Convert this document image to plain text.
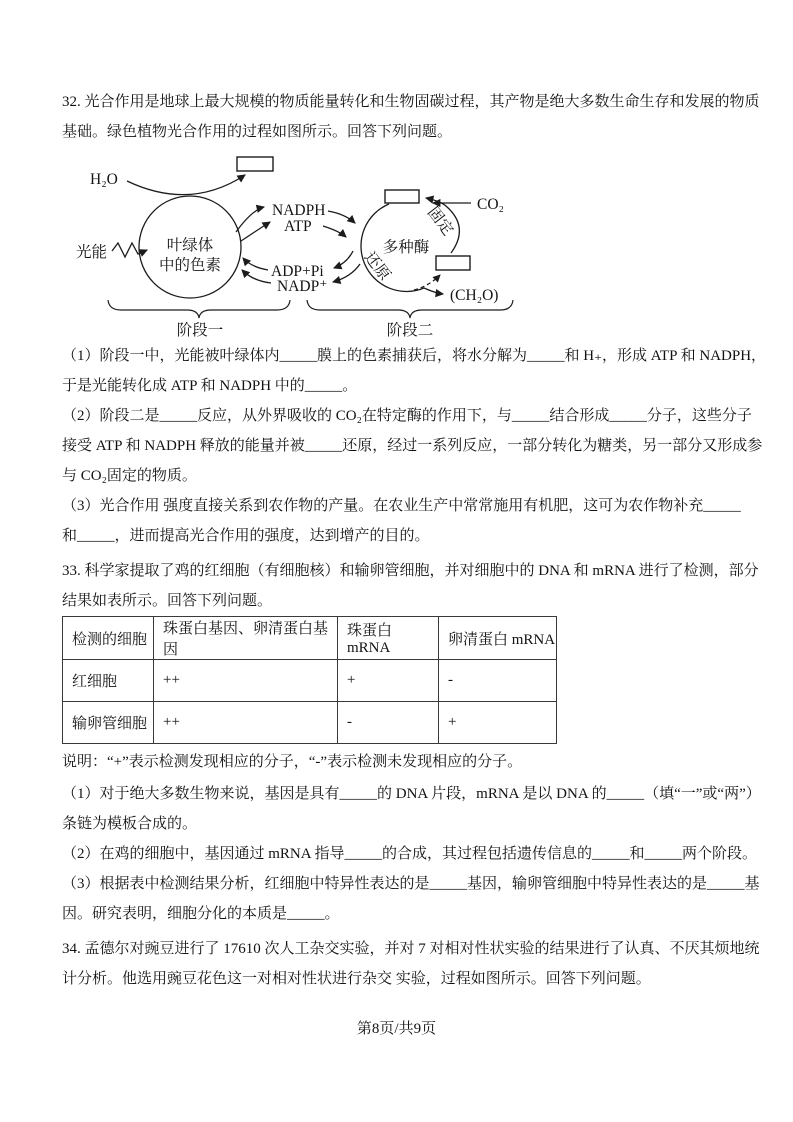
32. 光合作用是地球上最大规模的物质能量转化和生物固碳过程，其产物是绝大多数生命生存和发展的物质
基础。绿色植物光合作用的过程如图所示。回答下列问题。
H₂O
光能	叶绿体
中的色素
NADPH
ATP
ADP+Pi
NADP⁺
CO₂
(CH₂O)
多种酶
固定
还原
阶段一	阶段二
（1）阶段一中，光能被叶绿体内_____膜上的色素捕获后，将水分解为_____和 H₊，形成 ATP 和 NADPH，
于是光能转化成 ATP 和 NADPH 中的_____。
（2）阶段二是_____反应，从外界吸收的 CO₂在特定酶的作用下，与_____结合形成_____分子，这些分子
接受 ATP 和 NADPH 释放的能量并被_____还原，经过一系列反应，一部分转化为糖类，另一部分又形成参
与 CO₂固定的物质。
（3）光合作用 强度直接关系到农作物的产量。在农业生产中常常施用有机肥，这可为农作物补充_____
和_____，进而提高光合作用的强度，达到增产的目的。
33. 科学家提取了鸡的红细胞（有细胞核）和输卵管细胞，并对细胞中的 DNA 和 mRNA 进行了检测，部分
结果如表所示。回答下列问题。
检测的细胞	珠蛋白基因、卵清蛋白基因	珠蛋白 mRNA	卵清蛋白 mRNA
红细胞	++	+	-
输卵管细胞	++	-	+
说明：“+”表示检测发现相应的分子，“-”表示检测未发现相应的分子。
（1）对于绝大多数生物来说，基因是具有_____的 DNA 片段，mRNA 是以 DNA 的_____（填“一”或“两”）
条链为模板合成的。
（2）在鸡的细胞中，基因通过 mRNA 指导_____的合成，其过程包括遗传信息的_____和_____两个阶段。
（3）根据表中检测结果分析，红细胞中特异性表达的是_____基因，输卵管细胞中特异性表达的是_____基
因。研究表明，细胞分化的本质是_____。
34. 孟德尔对豌豆进行了 17610 次人工杂交实验，并对 7 对相对性状实验的结果进行了认真、不厌其烦地统
计分析。他选用豌豆花色这一对相对性状进行杂交 实验，过程如图所示。回答下列问题。
第8页/共9页
